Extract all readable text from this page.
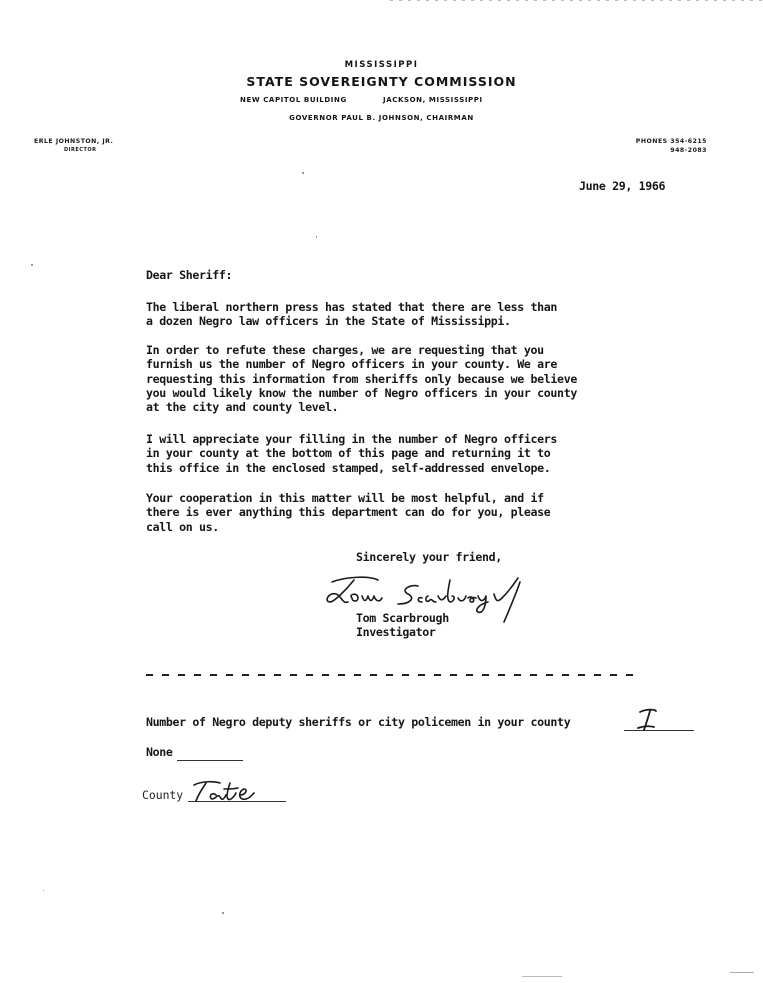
MISSISSIPPI
STATE SOVEREIGNTY COMMISSION
NEW CAPITOL BUILDING	JACKSON, MISSISSIPPI
GOVERNOR PAUL B. JOHNSON, CHAIRMAN
ERLE JOHNSTON, JR.
DIRECTOR
PHONES 354-6215
948-2083
June 29, 1966
Dear Sheriff:
The liberal northern press has stated that there are less than
a dozen Negro law officers in the State of Mississippi.
In order to refute these charges, we are requesting that you
furnish us the number of Negro officers in your county. We are
requesting this information from sheriffs only because we believe
you would likely know the number of Negro officers in your county
at the city and county level.
I will appreciate your filling in the number of Negro officers
in your county at the bottom of this page and returning it to
this office in the enclosed stamped, self-addressed envelope.
Your cooperation in this matter will be most helpful, and if
there is ever anything this department can do for you, please
call on us.
Sincerely your friend,
Tom Scarbrough
Investigator
Number of Negro deputy sheriffs or city policemen in your county
None
County
